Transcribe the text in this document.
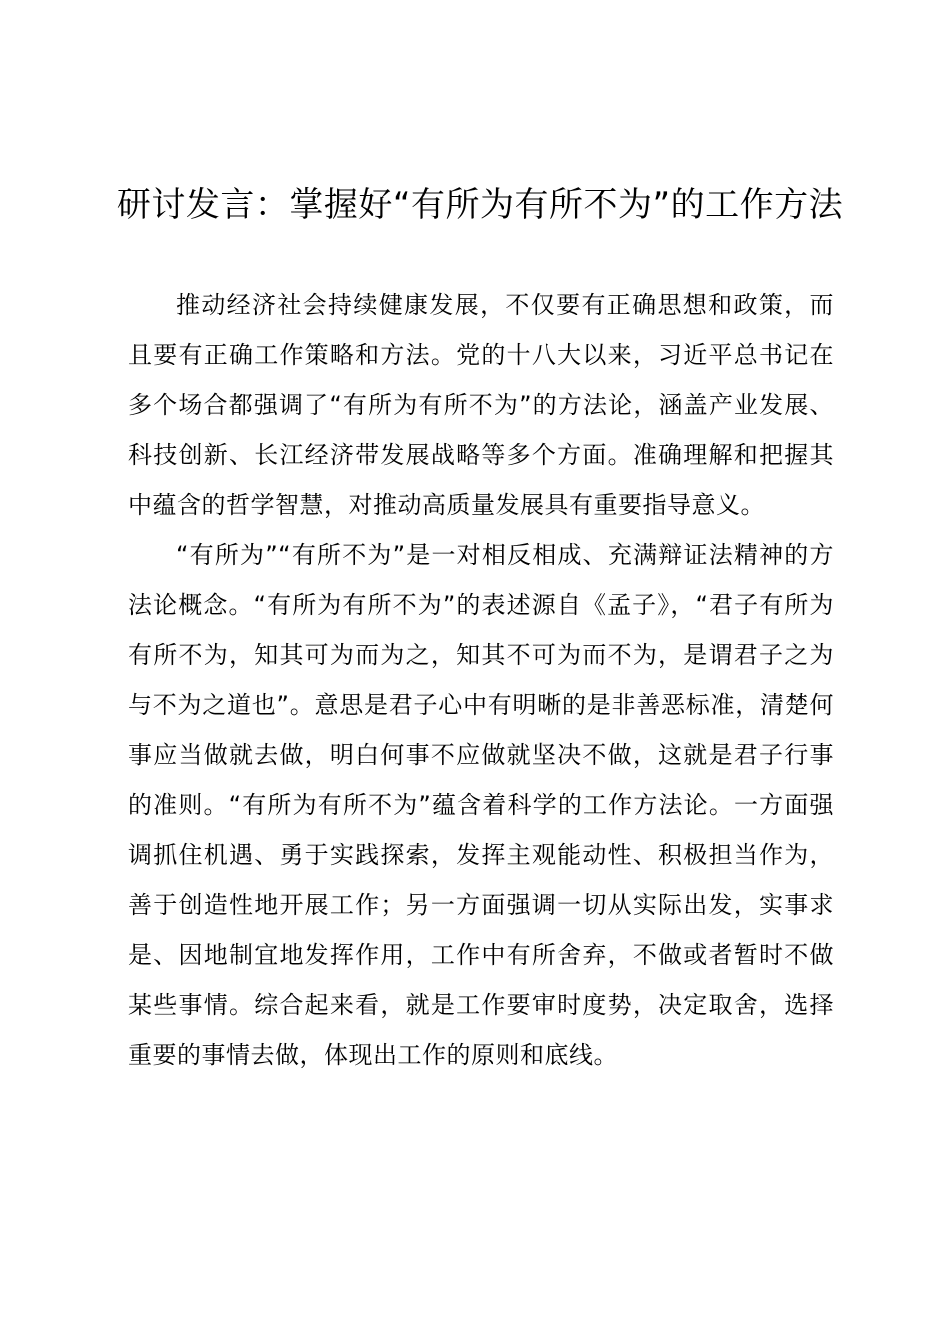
研讨发言：掌握好“有所为有所不为”的工作方法

推动经济社会持续健康发展，不仅要有正确思想和政策，而且要有正确工作策略和方法。党的十八大以来，习近平总书记在多个场合都强调了“有所为有所不为”的方法论，涵盖产业发展、科技创新、长江经济带发展战略等多个方面。准确理解和把握其中蕴含的哲学智慧，对推动高质量发展具有重要指导意义。

“有所为”“有所不为”是一对相反相成、充满辩证法精神的方法论概念。“有所为有所不为”的表述源自《孟子》，“君子有所为有所不为，知其可为而为之，知其不可为而不为，是谓君子之为与不为之道也”。意思是君子心中有明晰的是非善恶标准，清楚何事应当做就去做，明白何事不应做就坚决不做，这就是君子行事的准则。“有所为有所不为”蕴含着科学的工作方法论。一方面强调抓住机遇、勇于实践探索，发挥主观能动性、积极担当作为，善于创造性地开展工作；另一方面强调一切从实际出发，实事求是、因地制宜地发挥作用，工作中有所舍弃，不做或者暂时不做某些事情。综合起来看，就是工作要审时度势，决定取舍，选择重要的事情去做，体现出工作的原则和底线。
